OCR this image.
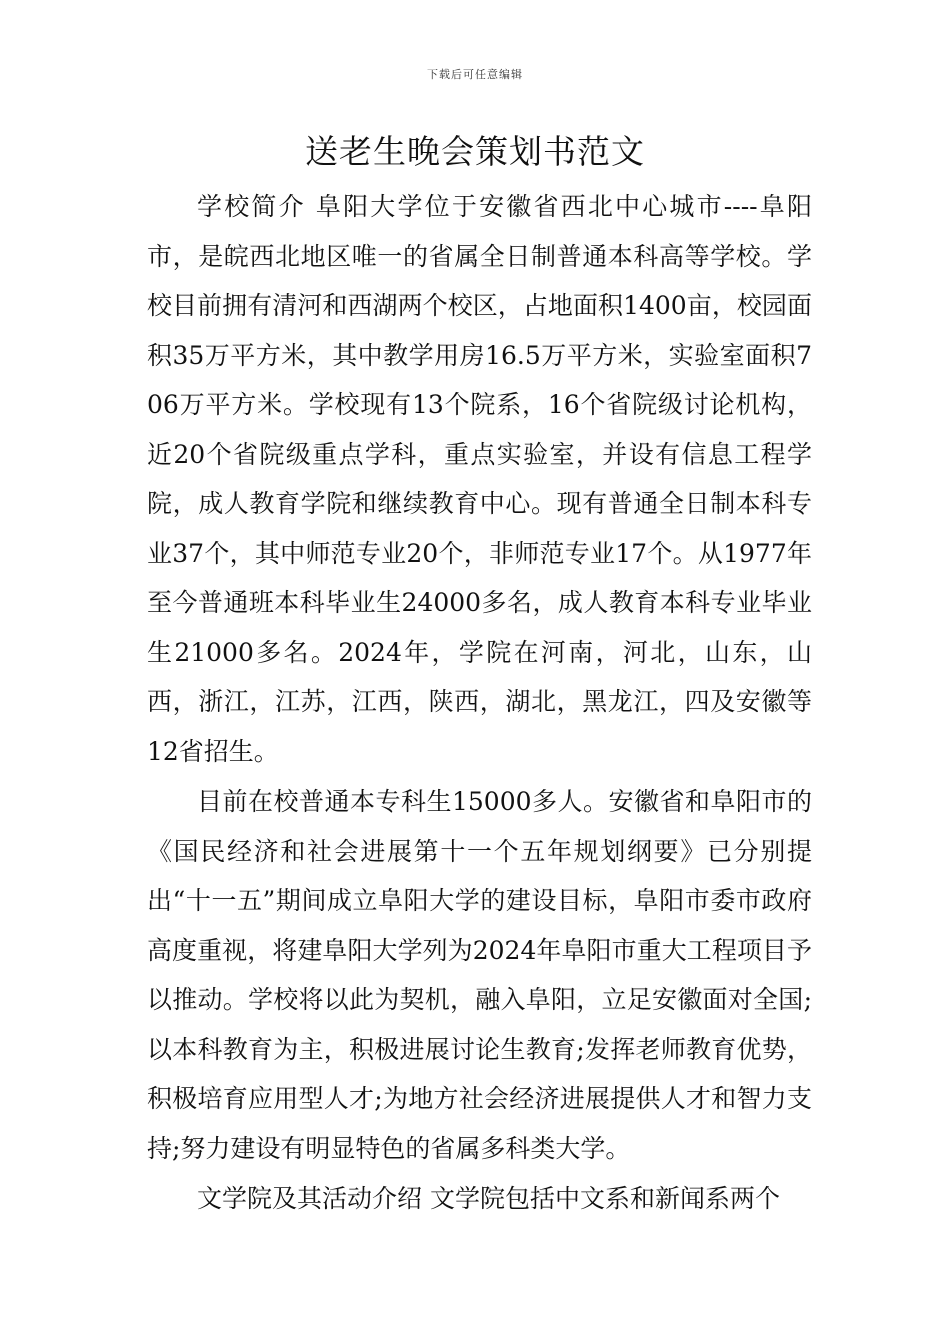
下载后可任意编辑
送老生晚会策划书范文

学校简介 阜阳大学位于安徽省西北中心城市----阜阳市，是皖西北地区唯一的省属全日制普通本科高等学校。学校目前拥有清河和西湖两个校区，占地面积1400亩，校园面积35万平方米，其中教学用房16.5万平方米，实验室面积706万平方米。学校现有13个院系，16个省院级讨论机构，近20个省院级重点学科，重点实验室，并设有信息工程学院，成人教育学院和继续教育中心。现有普通全日制本科专业37个，其中师范专业20个，非师范专业17个。从1977年至今普通班本科毕业生24000多名，成人教育本科专业毕业生21000多名。2024年，学院在河南，河北，山东，山西，浙江，江苏，江西，陕西，湖北，黑龙江，四及安徽等12省招生。

目前在校普通本专科生15000多人。安徽省和阜阳市的《国民经济和社会进展第十一个五年规划纲要》已分别提出“十一五”期间成立阜阳大学的建设目标，阜阳市委市政府高度重视，将建阜阳大学列为2024年阜阳市重大工程项目予以推动。学校将以此为契机，融入阜阳，立足安徽面对全国;以本科教育为主，积极进展讨论生教育;发挥老师教育优势，积极培育应用型人才;为地方社会经济进展提供人才和智力支持;努力建设有明显特色的省属多科类大学。

文学院及其活动介绍 文学院包括中文系和新闻系两个
